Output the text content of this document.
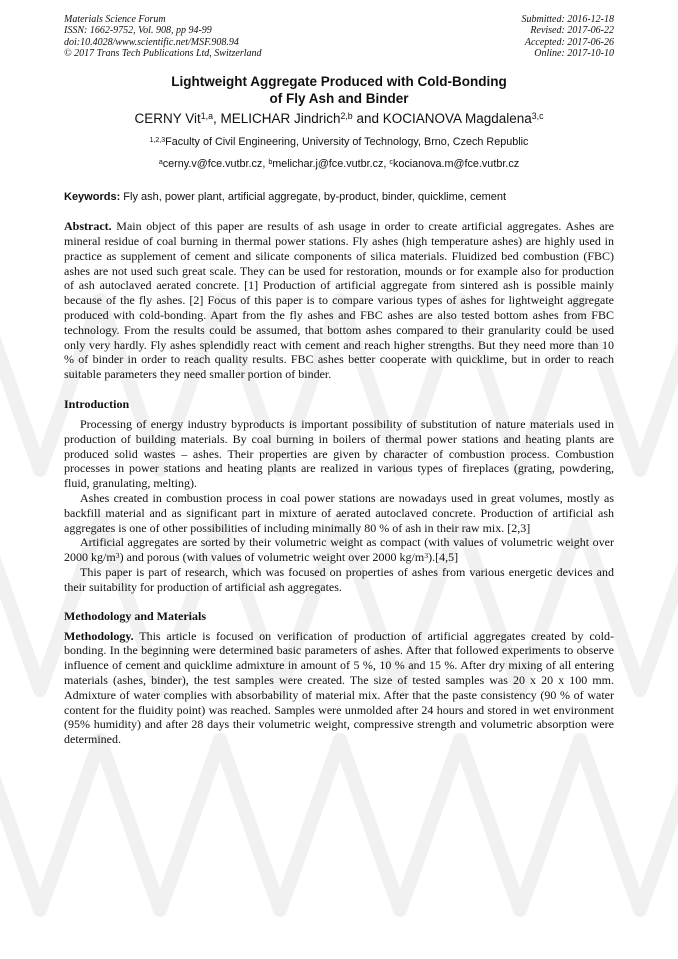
Materials Science Forum
ISSN: 1662-9752, Vol. 908, pp 94-99
doi:10.4028/www.scientific.net/MSF.908.94
© 2017 Trans Tech Publications Ltd, Switzerland
Submitted: 2016-12-18
Revised: 2017-06-22
Accepted: 2017-06-26
Online: 2017-10-10
Lightweight Aggregate Produced with Cold-Bonding
of Fly Ash and Binder
CERNY Vit$^{1,a}$, MELICHAR Jindrich$^{2,b}$ and KOCIANOVA Magdalena$^{3,c}$
$^{1,2,3}$Faculty of Civil Engineering, University of Technology, Brno, Czech Republic
$^a$cerny.v@fce.vutbr.cz, $^b$melichar.j@fce.vutbr.cz, $^c$kocianova.m@fce.vutbr.cz
Keywords: Fly ash, power plant, artificial aggregate, by-product, binder, quicklime, cement
Abstract. Main object of this paper are results of ash usage in order to create artificial aggregates. Ashes are mineral residue of coal burning in thermal power stations. Fly ashes (high temperature ashes) are highly used in practice as supplement of cement and silicate components of silica materials. Fluidized bed combustion (FBC) ashes are not used such great scale. They can be used for restoration, mounds or for example also for production of ash autoclaved aerated concrete. [1] Production of artificial aggregate from sintered ash is possible mainly because of the fly ashes. [2] Focus of this paper is to compare various types of ashes for lightweight aggregate produced with cold-bonding. Apart from the fly ashes and FBC ashes are also tested bottom ashes from FBC technology. From the results could be assumed, that bottom ashes compared to their granularity could be used only very hardly. Fly ashes splendidly react with cement and reach higher strengths. But they need more than 10 % of binder in order to reach quality results. FBC ashes better cooperate with quicklime, but in order to reach suitable parameters they need smaller portion of binder.
Introduction

Processing of energy industry byproducts is important possibility of substitution of nature materials used in production of building materials. By coal burning in boilers of thermal power stations and heating plants are produced solid wastes – ashes. Their properties are given by character of combustion process. Combustion processes in power stations and heating plants are realized in various types of fireplaces (grating, powdering, fluid, granulating, melting).

Ashes created in combustion process in coal power stations are nowadays used in great volumes, mostly as backfill material and as significant part in mixture of aerated autoclaved concrete. Production of artificial ash aggregates is one of other possibilities of including minimally 80 % of ash in their raw mix. [2,3]

Artificial aggregates are sorted by their volumetric weight as compact (with values of volumetric weight over 2000 $kg/m^3$) and porous (with values of volumetric weight over 2000 $kg/m^3).[4,5]$

This paper is part of research, which was focused on properties of ashes from various energetic devices and their suitability for production of artificial ash aggregates.

Methodology and Materials

Methodology. This article is focused on verification of production of artificial aggregates created by cold-bonding. In the beginning were determined basic parameters of ashes. After that followed experiments to observe influence of cement and quicklime admixture in amount of 5 %, 10 % and 15 %. After dry mixing of all entering materials (ashes, binder), the test samples were created. The size of tested samples was 20 x 20 x 100 mm. Admixture of water complies with absorbability of material mix. After that the paste consistency (90 % of water content for the fluidity point) was reached. Samples were unmolded after 24 hours and stored in wet environment (95% humidity) and after 28 days their volumetric weight, compressive strength and volumetric absorption were determined.
